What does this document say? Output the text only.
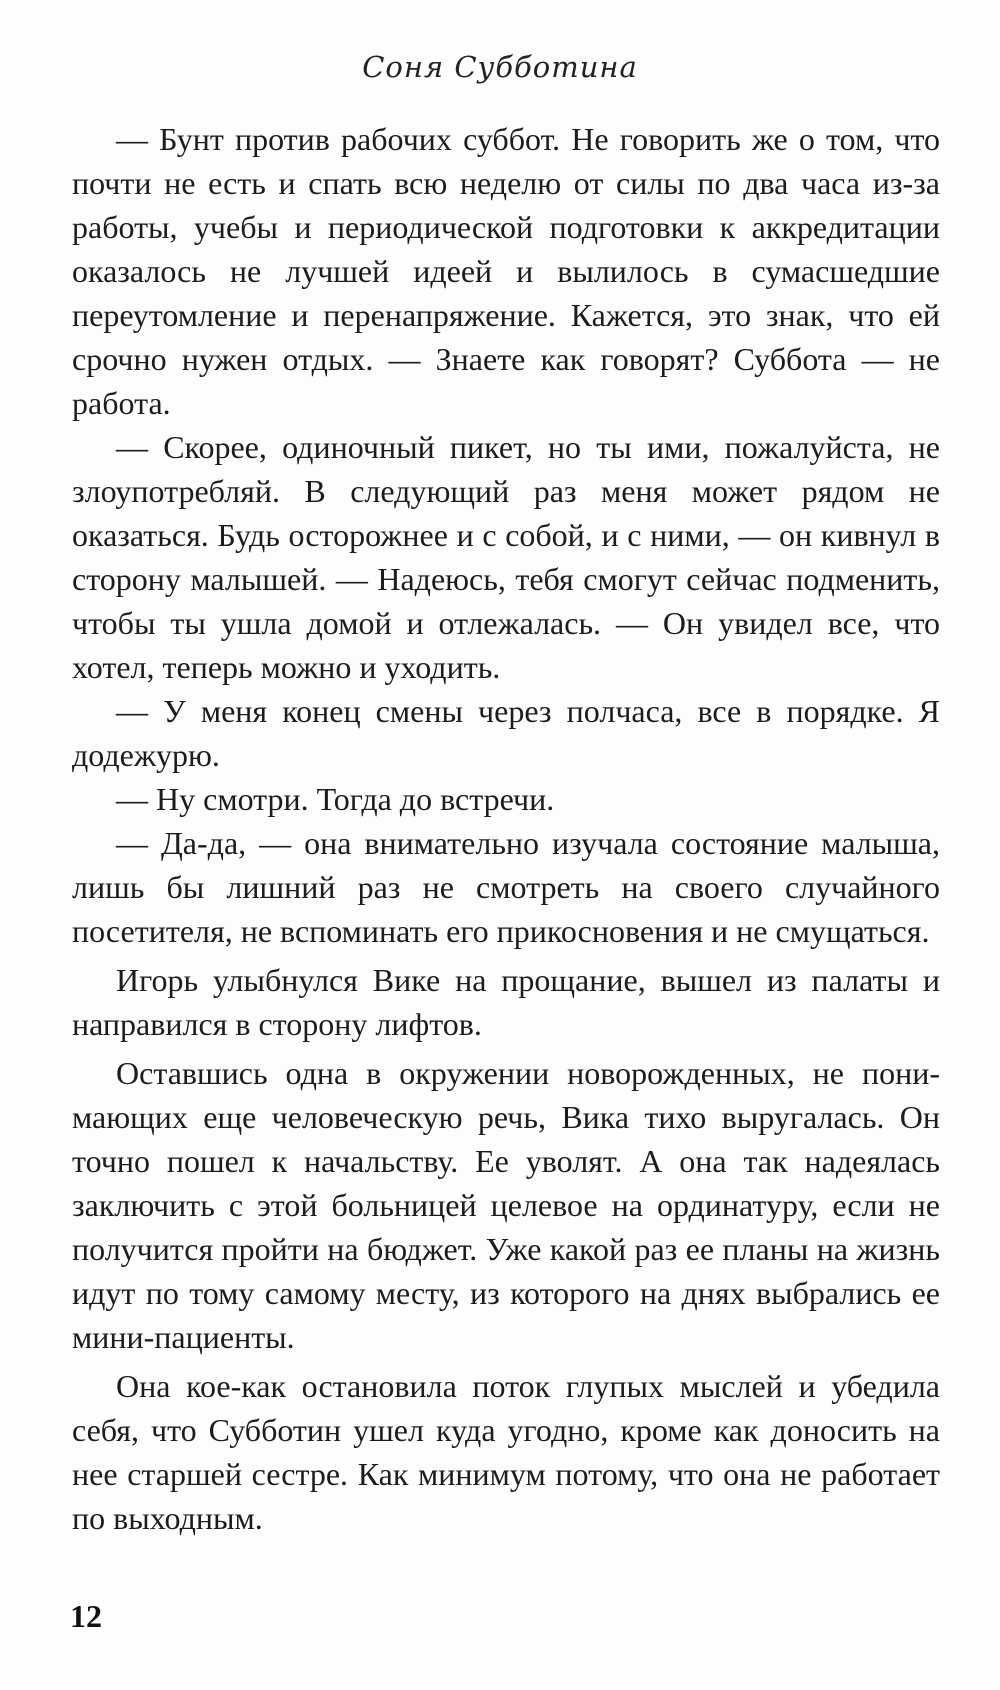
Соня Субботина

— Бунт против рабочих суббот. Не говорить же о том, что почти не есть и спать всю неделю от силы по два часа из-за работы, учебы и периодической подготовки к аккредитации оказалось не лучшей идеей и вылилось в сумасшедшие переутомление и перенапряжение. Кажется, это знак, что ей срочно нужен отдых. — Знаете как говорят? Суббота — не работа.

— Скорее, одиночный пикет, но ты ими, пожалуйста, не злоупотребляй. В следующий раз меня может рядом не оказаться. Будь осторожнее и с собой, и с ними, — он кивнул в сторону малышей. — Надеюсь, тебя смогут сейчас подменить, чтобы ты ушла домой и отлежалась. — Он увидел все, что хотел, теперь можно и уходить.

— У меня конец смены через полчаса, все в порядке. Я додежурю.

— Ну смотри. Тогда до встречи.

— Да-да, — она внимательно изучала состояние малыша, лишь бы лишний раз не смотреть на своего случайного посетителя, не вспоминать его прикосновения и не смущаться.

Игорь улыбнулся Вике на прощание, вышел из палаты и направился в сторону лифтов.

Оставшись одна в окружении новорожденных, не понимающих еще человеческую речь, Вика тихо выругалась. Он точно пошел к начальству. Ее уволят. А она так надеялась заключить с этой больницей целевое на ординатуру, если не получится пройти на бюджет. Уже какой раз ее планы на жизнь идут по тому самому месту, из которого на днях выбрались ее мини-пациенты.

Она кое-как остановила поток глупых мыслей и убедила себя, что Субботин ушел куда угодно, кроме как доносить на нее старшей сестре. Как минимум потому, что она не работает по выходным.

12
